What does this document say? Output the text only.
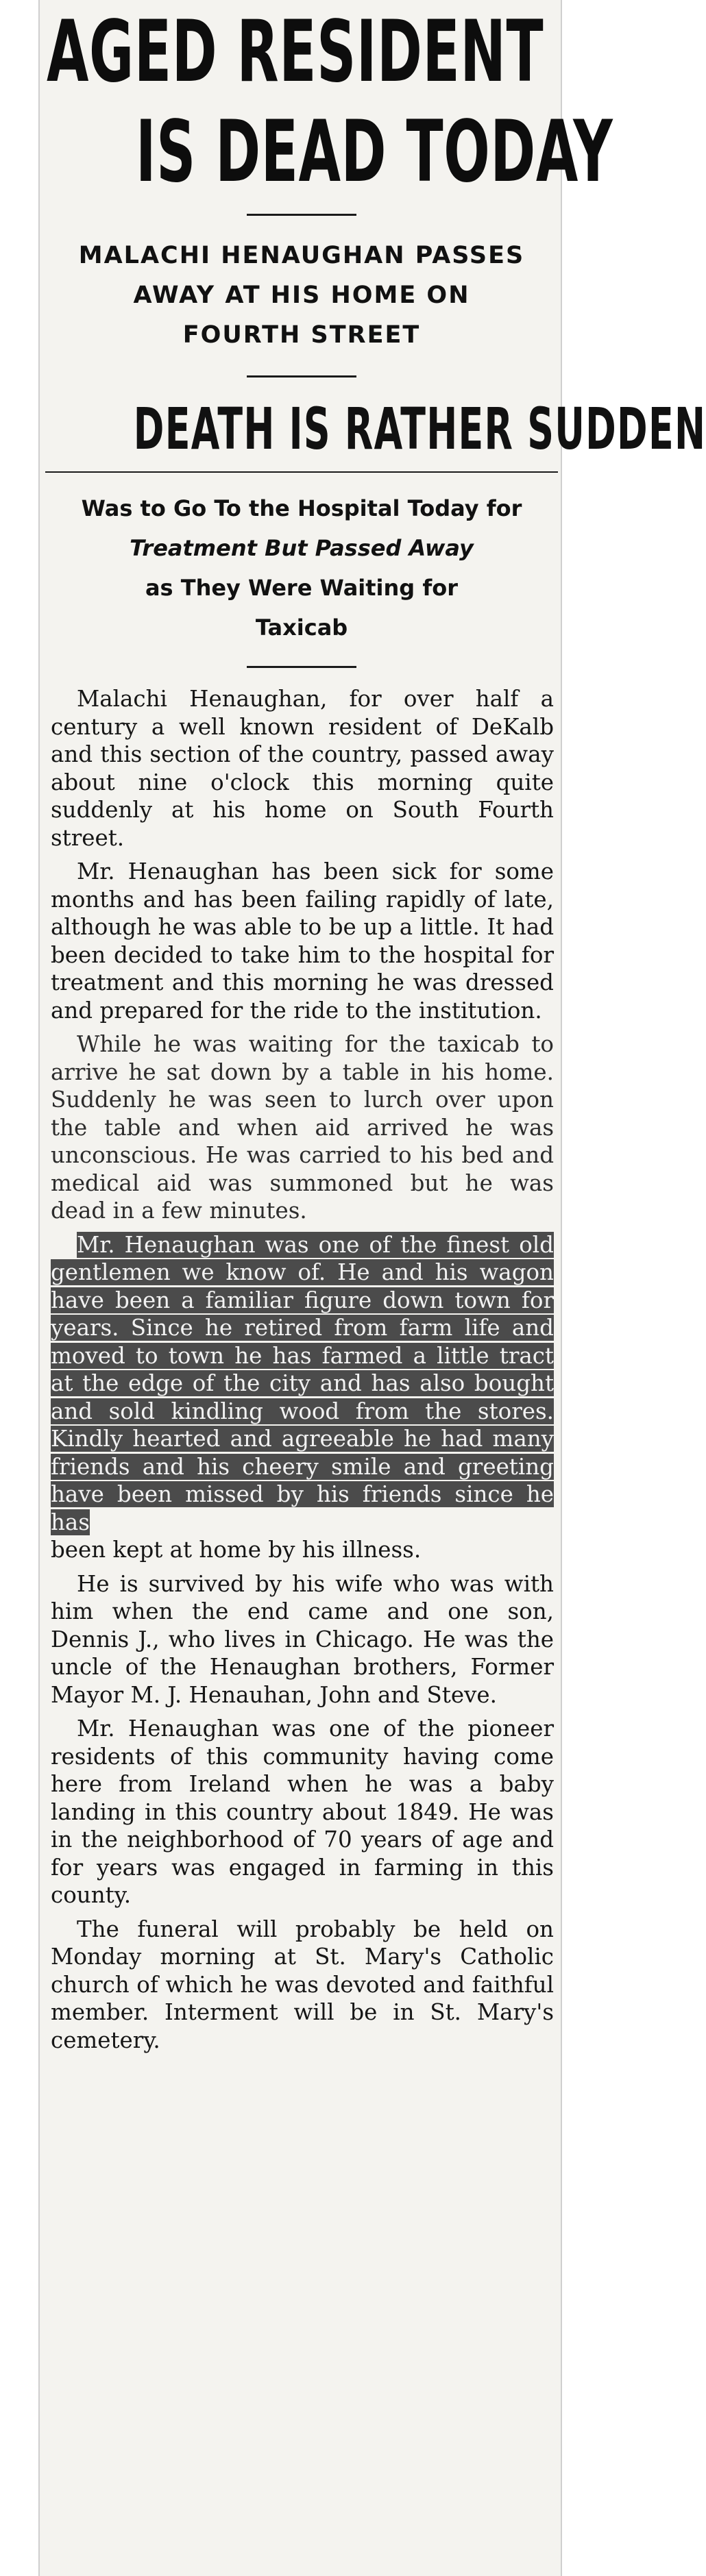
AGED RESIDENT
IS DEAD TODAY
MALACHI HENAUGHAN PASSES
AWAY AT HIS HOME ON
FOURTH STREET
DEATH IS RATHER SUDDEN
Was to Go To the Hospital Today for
Treatment But Passed Away
as They Were Waiting for
Taxicab

Malachi Henaughan, for over half a century a well known resident of DeKalb and this section of the country, passed away about nine o'clock this morning quite suddenly at his home on South Fourth street.

Mr. Henaughan has been sick for some months and has been failing rapidly of late, although he was able to be up a little. It had been decided to take him to the hospital for treatment and this morning he was dressed and prepared for the ride to the institution.

While he was waiting for the taxicab to arrive he sat down by a table in his home. Suddenly he was seen to lurch over upon the table and when aid arrived he was unconscious. He was carried to his bed and medical aid was summoned but he was dead in a few minutes.

Mr. Henaughan was one of the finest old gentlemen we know of. He and his wagon have been a familiar figure down town for years. Since he retired from farm life and moved to town he has farmed a little tract at the edge of the city and has also bought and sold kindling wood from the stores. Kindly hearted and agreeable he had many friends and his cheery smile and greeting have been missed by his friends since he has

been kept at home by his illness.

He is survived by his wife who was with him when the end came and one son, Dennis J., who lives in Chicago. He was the uncle of the Henaughan brothers, Former Mayor M. J. Henauhan, John and Steve.

Mr. Henaughan was one of the pioneer residents of this community having come here from Ireland when he was a baby landing in this country about 1849. He was in the neighborhood of 70 years of age and for years was engaged in farming in this county.

The funeral will probably be held on Monday morning at St. Mary's Catholic church of which he was devoted and faithful member. Interment will be in St. Mary's cemetery.
